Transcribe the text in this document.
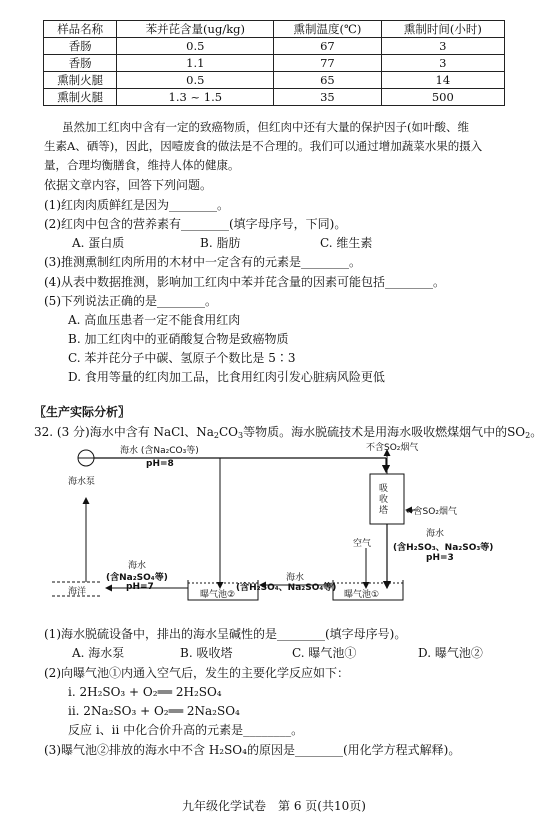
样品名称	苯并芘含量(ug/kg)	熏制温度(℃)	熏制时间(小时)
香肠	0.5	67	3
香肠	1.1	77	3
熏制火腿	0.5	65	14
熏制火腿	1.3 ~ 1.5	35	500
虽然加工红肉中含有一定的致癌物质，但红肉中还有大量的保护因子(如叶酸、维
生素A、硒等)，因此，因噎废食的做法是不合理的。我们可以通过增加蔬菜水果的摄入
量，合理均衡膳食，维持人体的健康。
依据文章内容，回答下列问题。
(1)红肉肉质鲜红是因为________。
(2)红肉中包含的营养素有________(填字母序号，下同)。
A. 蛋白质	B. 脂肪	C. 维生素
(3)推测熏制红肉所用的木材中一定含有的元素是________。
(4)从表中数据推测，影响加工红肉中苯并芘含量的因素可能包括________。
(5)下列说法正确的是________。
A. 高血压患者一定不能食用红肉
B. 加工红肉中的亚硝酸复合物是致癌物质
C. 苯并芘分子中碳、氢原子个数比是 5∶3
D. 食用等量的红肉加工品，比食用红肉引发心脏病风险更低
〖生产实际分析〗
32. (3 分)海水中含有 NaCl、$Na_2CO_3$等物质。海水脱硫技术是用海水吸收燃煤烟气中的$SO_2$。
海水泵
海水 (含Na₂CO₃等)
pH=8
不含SO₂烟气
吸收塔	←含SO₂烟气
空气
海水
(含H₂SO₃、Na₂SO₃等)
pH=3
海洋
海水
(含Na₂SO₄等)
pH=7
曝气池②
海水
(含H₂SO₄、Na₂SO₄等)
曝气池①
(1)海水脱硫设备中，排出的海水呈碱性的是________(填字母序号)。
A. 海水泵	B. 吸收塔	C. 曝气池①	D. 曝气池②
(2)向曝气池①内通入空气后，发生的主要化学反应如下：
i. 2H₂SO₃ + O₂══ 2H₂SO₄
ii. 2Na₂SO₃ + O₂══ 2Na₂SO₄
反应 i、ii 中化合价升高的元素是________。
(3)曝气池②排放的海水中不含 H₂SO₄的原因是________(用化学方程式解释)。
九年级化学试卷　第 6 页(共10页)
